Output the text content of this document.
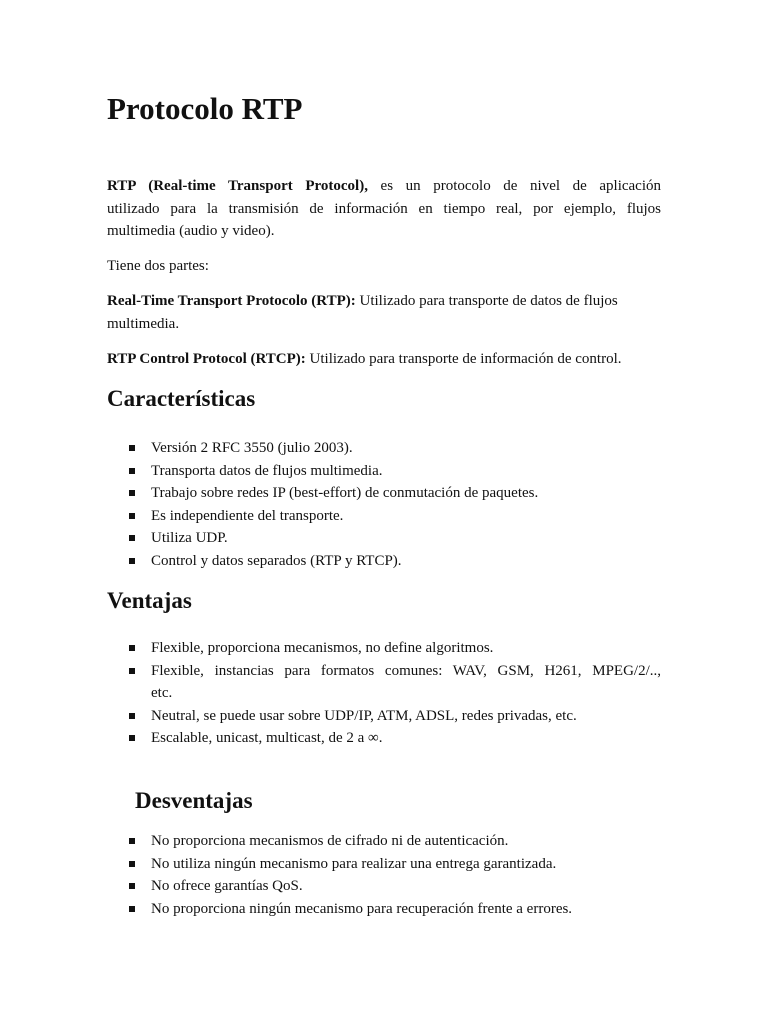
Protocolo RTP
RTP (Real-time Transport Protocol), es un protocolo de nivel de aplicación
utilizado para la transmisión de información en tiempo real, por ejemplo, flujos
multimedia (audio y video).

Tiene dos partes:

Real-Time Transport Protocolo (RTP): Utilizado para transporte de datos de flujos
multimedia.
RTP Control Protocol (RTCP): Utilizado para transporte de información de control.
Características
Versión 2 RFC 3550 (julio 2003).
Transporta datos de flujos multimedia.
Trabajo sobre redes IP (best-effort) de conmutación de paquetes.
Es independiente del transporte.
Utiliza UDP.
Control y datos separados (RTP y RTCP).
Ventajas
Flexible, proporciona mecanismos, no define algoritmos.
Flexible, instancias para formatos comunes: WAV, GSM, H261, MPEG/2/..,
etc.
Neutral, se puede usar sobre UDP/IP, ATM, ADSL, redes privadas, etc.
Escalable, unicast, multicast, de 2 a ∞.
Desventajas
No proporciona mecanismos de cifrado ni de autenticación.
No utiliza ningún mecanismo para realizar una entrega garantizada.
No ofrece garantías QoS.
No proporciona ningún mecanismo para recuperación frente a errores.
